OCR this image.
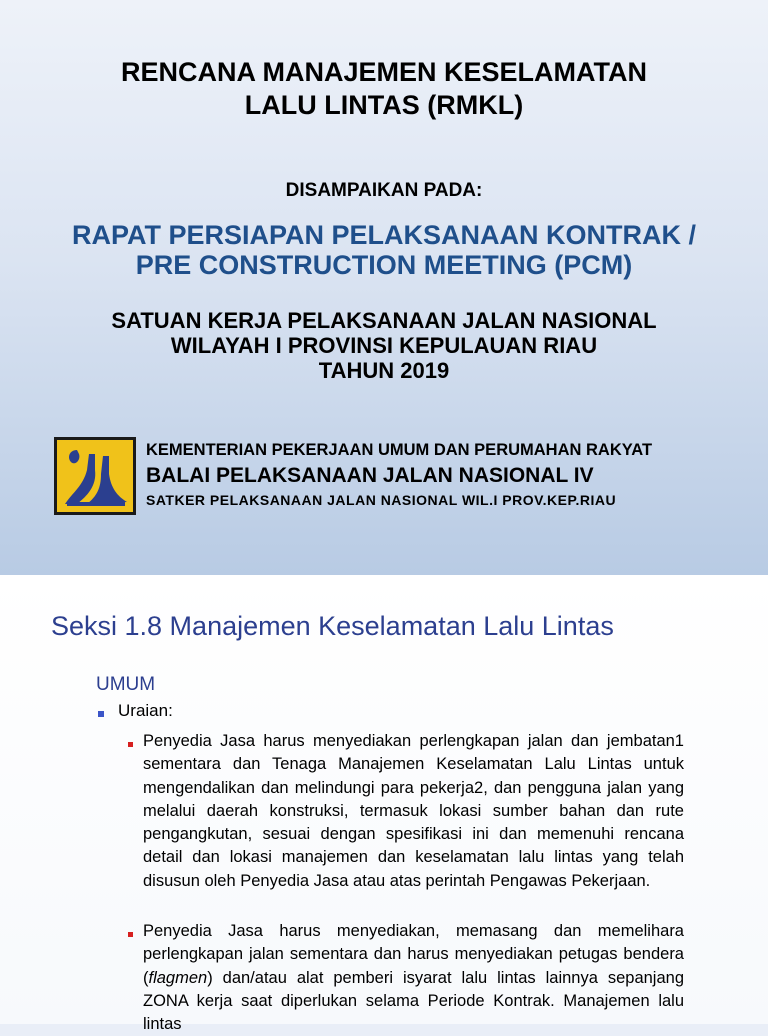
RENCANA MANAJEMEN KESELAMATAN
LALU LINTAS (RMKL)
DISAMPAIKAN PADA:
RAPAT PERSIAPAN PELAKSANAAN KONTRAK /
PRE CONSTRUCTION MEETING (PCM)
SATUAN KERJA PELAKSANAAN JALAN NASIONAL
WILAYAH I PROVINSI KEPULAUAN RIAU
TAHUN 2019
KEMENTERIAN PEKERJAAN UMUM DAN PERUMAHAN RAKYAT
BALAI PELAKSANAAN JALAN NASIONAL IV
SATKER PELAKSANAAN JALAN NASIONAL WIL.I PROV.KEP.RIAU
Seksi 1.8 Manajemen Keselamatan Lalu Lintas
UMUM
Uraian:
Penyedia Jasa harus menyediakan perlengkapan jalan dan jembatan1 sementara dan Tenaga Manajemen Keselamatan Lalu Lintas untuk mengendalikan dan melindungi para pekerja2, dan pengguna jalan yang melalui daerah konstruksi, termasuk lokasi sumber bahan dan rute pengangkutan, sesuai dengan spesifikasi ini dan memenuhi rencana detail dan lokasi manajemen dan keselamatan lalu lintas yang telah disusun oleh Penyedia Jasa atau atas perintah Pengawas Pekerjaan.
Penyedia Jasa harus menyediakan, memasang dan memelihara perlengkapan jalan sementara dan harus menyediakan petugas bendera (flagmen) dan/atau alat pemberi isyarat lalu lintas lainnya sepanjang ZONA kerja saat diperlukan selama Periode Kontrak. Manajemen lalu lintas
